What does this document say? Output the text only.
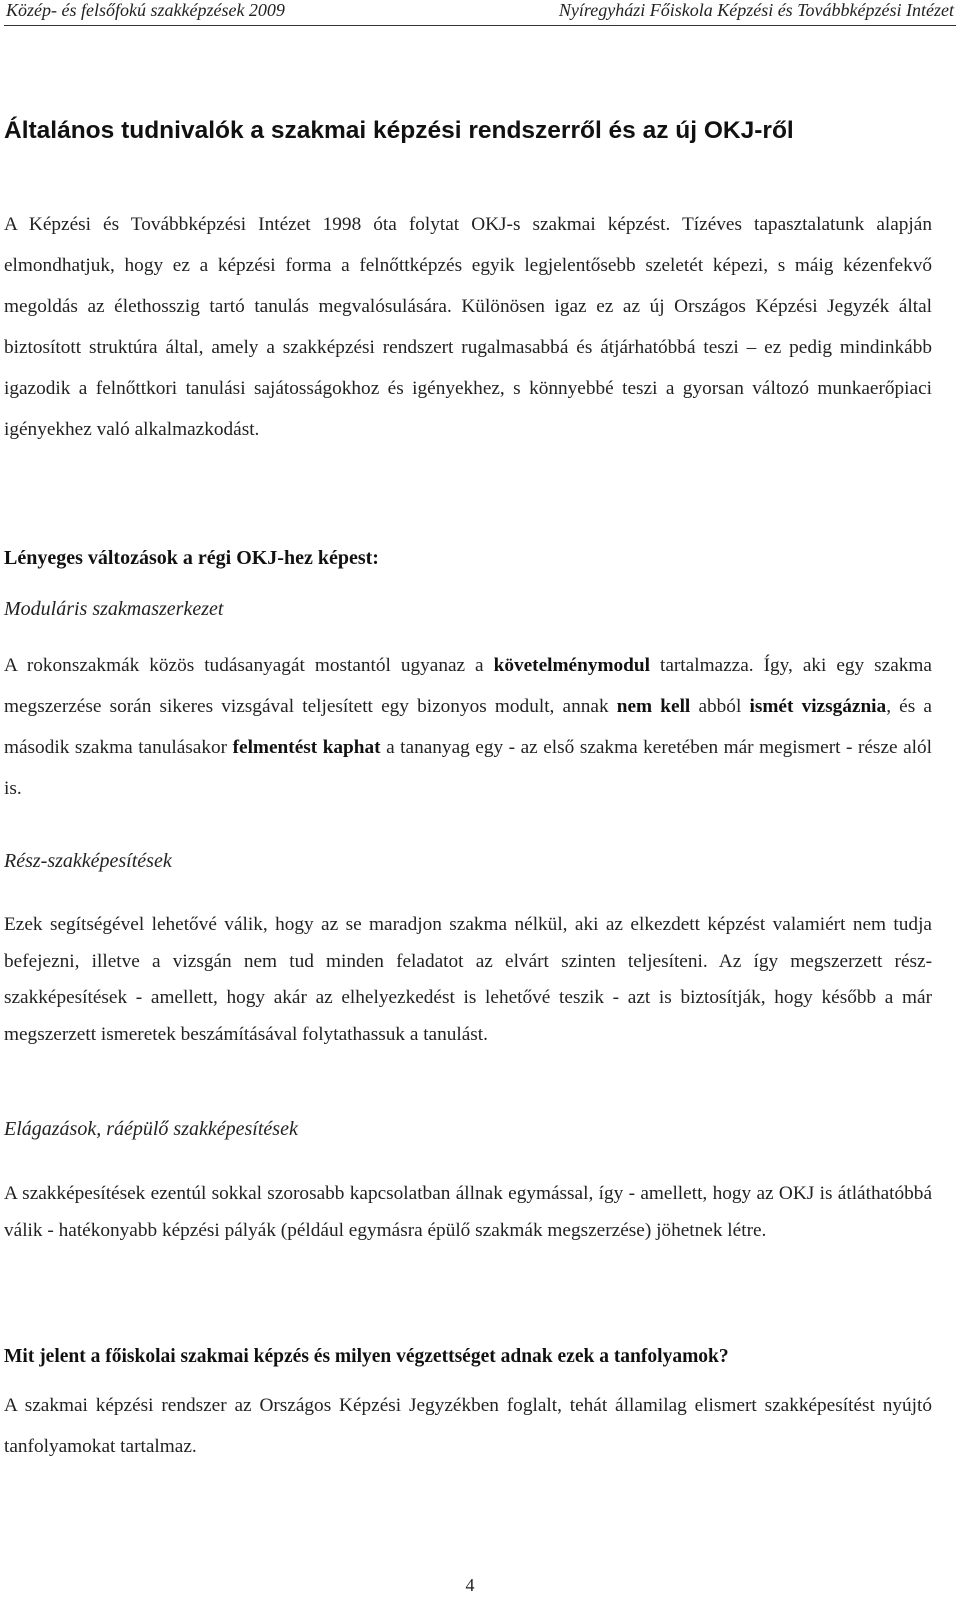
Közép- és felsőfokú szakképzések 2009	Nyíregyházi Főiskola Képzési és Továbbképzési Intézet
Általános tudnivalók a szakmai képzési rendszerről és az új OKJ-ről

A Képzési és Továbbképzési Intézet 1998 óta folytat OKJ-s szakmai képzést. Tízéves tapasztalatunk alapján elmondhatjuk, hogy ez a képzési forma a felnőttképzés egyik legjelentősebb szeletét képezi, s máig kézenfekvő megoldás az élethosszig tartó tanulás megvalósulására. Különösen igaz ez az új Országos Képzési Jegyzék által biztosított struktúra által, amely a szakképzési rendszert rugalmasabbá és átjárhatóbbá teszi – ez pedig mindinkább igazodik a felnőttkori tanulási sajátosságokhoz és igényekhez, s könnyebbé teszi a gyorsan változó munkaerőpiaci igényekhez való alkalmazkodást.

Lényeges változások a régi OKJ-hez képest:
Moduláris szakmaszerkezet

A rokonszakmák közös tudásanyagát mostantól ugyanaz a követelménymodul tartalmazza. Így, aki egy szakma megszerzése során sikeres vizsgával teljesített egy bizonyos modult, annak nem kell abból ismét vizsgáznia, és a második szakma tanulásakor felmentést kaphat a tananyag egy - az első szakma keretében már megismert - része alól is.

Rész-szakképesítések

Ezek segítségével lehetővé válik, hogy az se maradjon szakma nélkül, aki az elkezdett képzést valamiért nem tudja befejezni, illetve a vizsgán nem tud minden feladatot az elvárt szinten teljesíteni. Az így megszerzett rész-szakképesítések - amellett, hogy akár az elhelyezkedést is lehetővé teszik - azt is biztosítják, hogy később a már megszerzett ismeretek beszámításával folytathassuk a tanulást.

Elágazások, ráépülő szakképesítések

A szakképesítések ezentúl sokkal szorosabb kapcsolatban állnak egymással, így - amellett, hogy az OKJ is átláthatóbbá válik - hatékonyabb képzési pályák (például egymásra épülő szakmák megszerzése) jöhetnek létre.

Mit jelent a főiskolai szakmai képzés és milyen végzettséget adnak ezek a tanfolyamok?

A szakmai képzési rendszer az Országos Képzési Jegyzékben foglalt, tehát államilag elismert szakképesítést nyújtó tanfolyamokat tartalmaz.

4
